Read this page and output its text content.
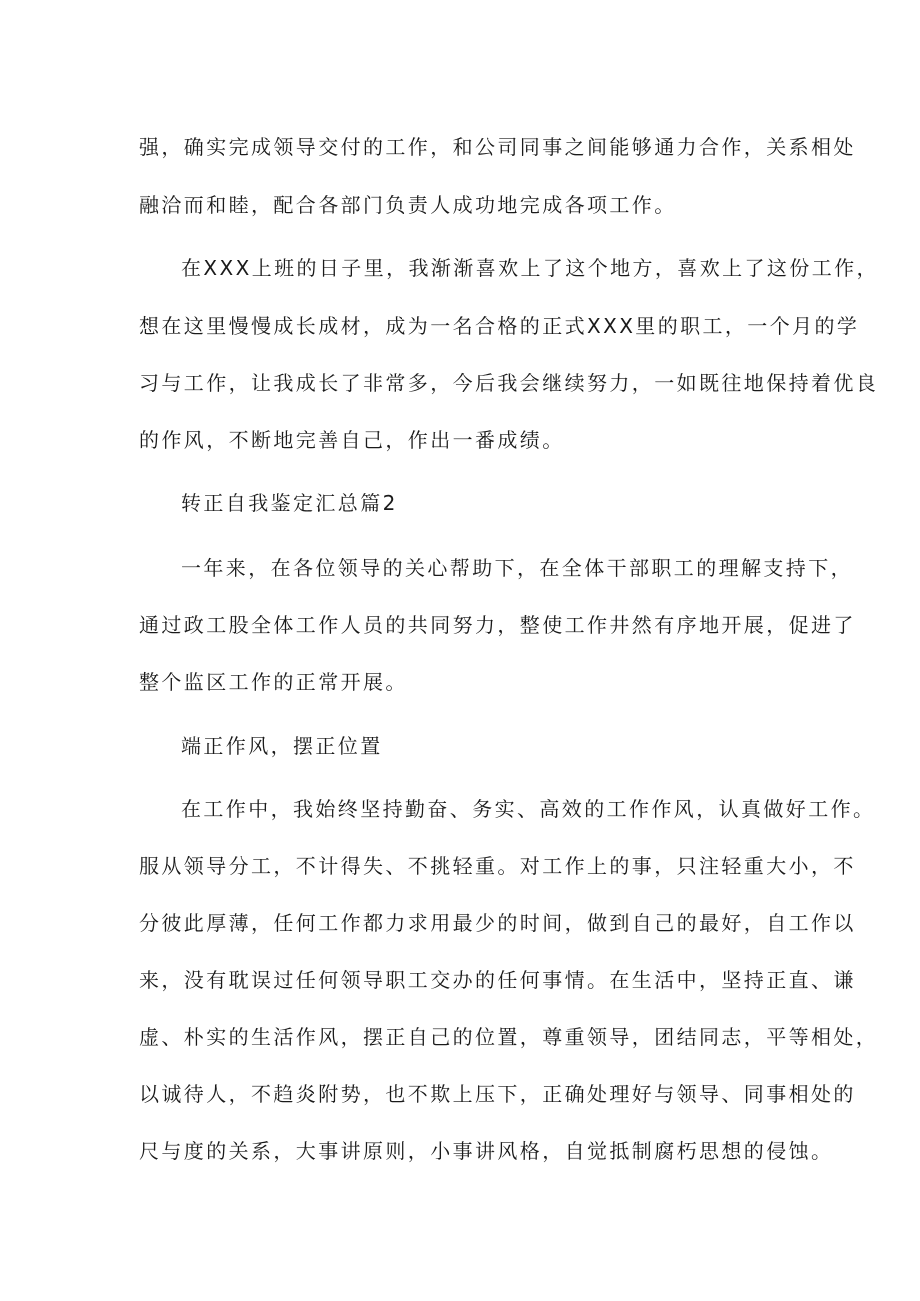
强，确实完成领导交付的工作，和公司同事之间能够通力合作，关系相处

融洽而和睦，配合各部门负责人成功地完成各项工作。

在XXX上班的日子里，我渐渐喜欢上了这个地方，喜欢上了这份工作，

想在这里慢慢成长成材，成为一名合格的正式XXX里的职工，一个月的学

习与工作，让我成长了非常多，今后我会继续努力，一如既往地保持着优良

的作风，不断地完善自己，作出一番成绩。

转正自我鉴定汇总篇2

一年来，在各位领导的关心帮助下，在全体干部职工的理解支持下，

通过政工股全体工作人员的共同努力，整使工作井然有序地开展，促进了

整个监区工作的正常开展。

端正作风，摆正位置

在工作中，我始终坚持勤奋、务实、高效的工作作风，认真做好工作。

服从领导分工，不计得失、不挑轻重。对工作上的事，只注轻重大小，不

分彼此厚薄，任何工作都力求用最少的时间，做到自己的最好，自工作以

来，没有耽误过任何领导职工交办的任何事情。在生活中，坚持正直、谦

虚、朴实的生活作风，摆正自己的位置，尊重领导，团结同志，平等相处，

以诚待人，不趋炎附势，也不欺上压下，正确处理好与领导、同事相处的

尺与度的关系，大事讲原则，小事讲风格，自觉抵制腐朽思想的侵蚀。
